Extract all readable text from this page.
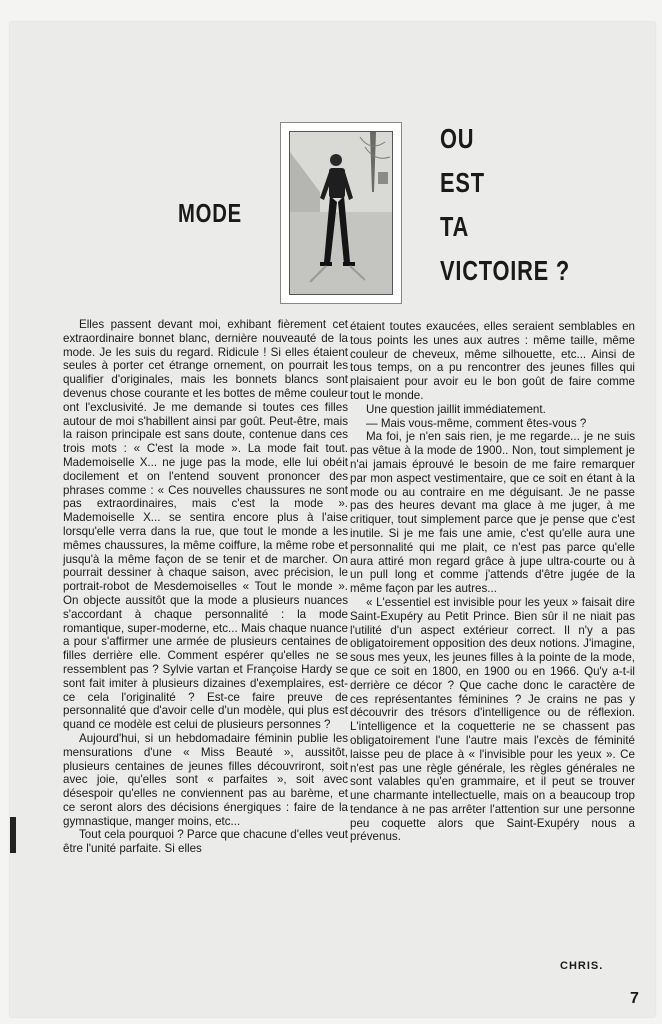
MODE
OU
EST
TA
VICTOIRE ?

Elles passent devant moi, exhibant fièrement cet extraordinaire bonnet blanc, dernière nouveauté de la mode. Je les suis du regard. Ridicule ! Si elles étaient seules à porter cet étrange ornement, on pourrait les qualifier d'originales, mais les bonnets blancs sont devenus chose courante et les bottes de même couleur ont l'exclusivité. Je me demande si toutes ces filles autour de moi s'habillent ainsi par goût. Peut-être, mais la raison principale est sans doute, contenue dans ces trois mots : « C'est la mode ». La mode fait tout. Mademoiselle X... ne juge pas la mode, elle lui obéit docilement et on l'entend souvent prononcer des phrases comme : « Ces nouvelles chaussures ne sont pas extraordinaires, mais c'est la mode ». Mademoiselle X... se sentira encore plus à l'aise lorsqu'elle verra dans la rue, que tout le monde a les mêmes chaussures, la même coiffure, la même robe et jusqu'à la même façon de se tenir et de marcher. On pourrait dessiner à chaque saison, avec précision, le portrait-robot de Mesdemoiselles « Tout le monde ». On objecte aussitôt que la mode a plusieurs nuances s'accordant à chaque personnalité : la mode romantique, super-moderne, etc... Mais chaque nuance a pour s'affirmer une armée de plusieurs centaines de filles derrière elle. Comment espérer qu'elles ne se ressemblent pas ? Sylvie vartan et Françoise Hardy se sont fait imiter à plusieurs dizaines d'exemplaires, est-ce cela l'originalité ? Est-ce faire preuve de personnalité que d'avoir celle d'un modèle, qui plus est quand ce modèle est celui de plusieurs personnes ?

Aujourd'hui, si un hebdomadaire féminin publie les mensurations d'une « Miss Beauté », aussitôt, plusieurs centaines de jeunes filles découvriront, soit avec joie, qu'elles sont « parfaites », soit avec désespoir qu'elles ne conviennent pas au barème, et ce seront alors des décisions énergiques : faire de la gymnastique, manger moins, etc...

Tout cela pourquoi ? Parce que chacune d'elles veut être l'unité parfaite. Si elles

étaient toutes exaucées, elles seraient semblables en tous points les unes aux autres : même taille, même couleur de cheveux, même silhouette, etc... Ainsi de tous temps, on a pu rencontrer des jeunes filles qui plaisaient pour avoir eu le bon goût de faire comme tout le monde.

Une question jaillit immédiatement.

— Mais vous-même, comment êtes-vous ?

Ma foi, je n'en sais rien, je me regarde... je ne suis pas vêtue à la mode de 1900.. Non, tout simplement je n'ai jamais éprouvé le besoin de me faire remarquer par mon aspect vestimentaire, que ce soit en étant à la mode ou au contraire en me déguisant. Je ne passe pas des heures devant ma glace à me juger, à me critiquer, tout simplement parce que je pense que c'est inutile. Si je me fais une amie, c'est qu'elle aura une personnalité qui me plait, ce n'est pas parce qu'elle aura attiré mon regard grâce à jupe ultra-courte ou à un pull long et comme j'attends d'être jugée de la même façon par les autres...

« L'essentiel est invisible pour les yeux » faisait dire Saint-Exupéry au Petit Prince. Bien sûr il ne niait pas l'utilité d'un aspect extérieur correct. Il n'y a pas obligatoirement opposition des deux notions. J'imagine, sous mes yeux, les jeunes filles à la pointe de la mode, que ce soit en 1800, en 1900 ou en 1966. Qu'y a-t-il derrière ce décor ? Que cache donc le caractère de ces représentantes féminines ? Je crains ne pas y découvrir des trésors d'intelligence ou de réflexion. L'intelligence et la coquetterie ne se chassent pas obligatoirement l'une l'autre mais l'excès de féminité laisse peu de place à « l'invisible pour les yeux ». Ce n'est pas une règle générale, les règles générales ne sont valables qu'en grammaire, et il peut se trouver une charmante intellectuelle, mais on a beaucoup trop tendance à ne pas arrêter l'attention sur une personne peu coquette alors que Saint-Exupéry nous a prévenus.

CHRIS.
7
